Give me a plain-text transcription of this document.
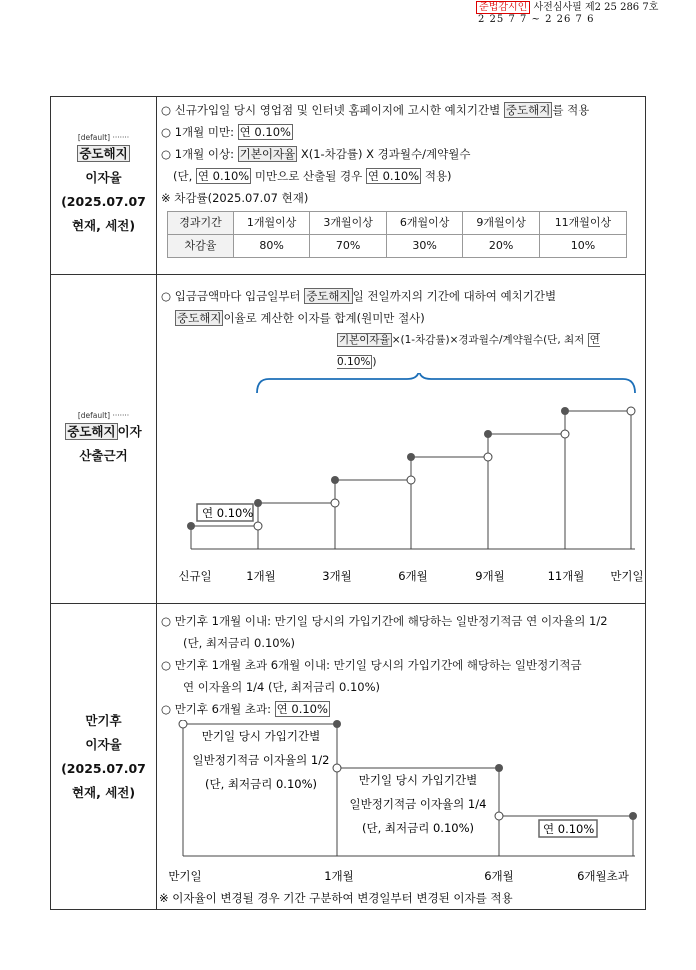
준법감시인 사전심사필 제2 25 286 7호
2 25 7 7 ~ 2 26 7 6
[default] ·······
중도해지
이자율
(2025.07.07
현재, 세전)

○ 신규가입일 당시 영업점 및 인터넷 홈페이지에 고시한 예치기간별 중도해지 를 적용
○ 1개월 미만: 연 0.10%
○ 1개월 이상: 기본이자율 X(1-차감률) X 경과월수/계약월수
(단, 연 0.10% 미만으로 산출될 경우 연 0.10% 적용)
※ 차감률(2025.07.07 현재)
경과기간	1개월이상	3개월이상	6개월이상	9개월이상	11개월이상
차감율	80%	70%	30%	20%	10%

[default] ·······
중도해지 이자
산출근거

○ 입금금액마다 입금일부터 중도해지 일 전일까지의 기간에 대하여 예치기간별
중도해지 이율로 계산한 이자를 합계(원미만 절사)
기본이자율 ×(1-차감률)×경과월수/계약월수(단, 최저 연 0.10% )
연 0.10%
신규일	1개월	3개월	6개월	9개월	11개월 만기일

만기후
이자율
(2025.07.07
현재, 세전)

○ 만기후 1개월 이내: 만기일 당시의 가입기간에 해당하는 일반정기적금 연 이자율의 1/2
(단, 최저금리 0.10%)
○ 만기후 1개월 초과 6개월 이내: 만기일 당시의 가입기간에 해당하는 일반정기적금
연 이자율의 1/4 (단, 최저금리 0.10%)
○ 만기후 6개월 초과: 연 0.10%
만기일 당시 가입기간별
일반정기적금 이자율의 1/2
(단, 최저금리 0.10%)	만기일 당시 가입기간별
일반정기적금 이자율의 1/4
(단, 최저금리 0.10%)	연 0.10%
만기일	1개월	6개월	6개월초과
※ 이자율이 변경될 경우 기간 구분하여 변경일부터 변경된 이자를 적용
